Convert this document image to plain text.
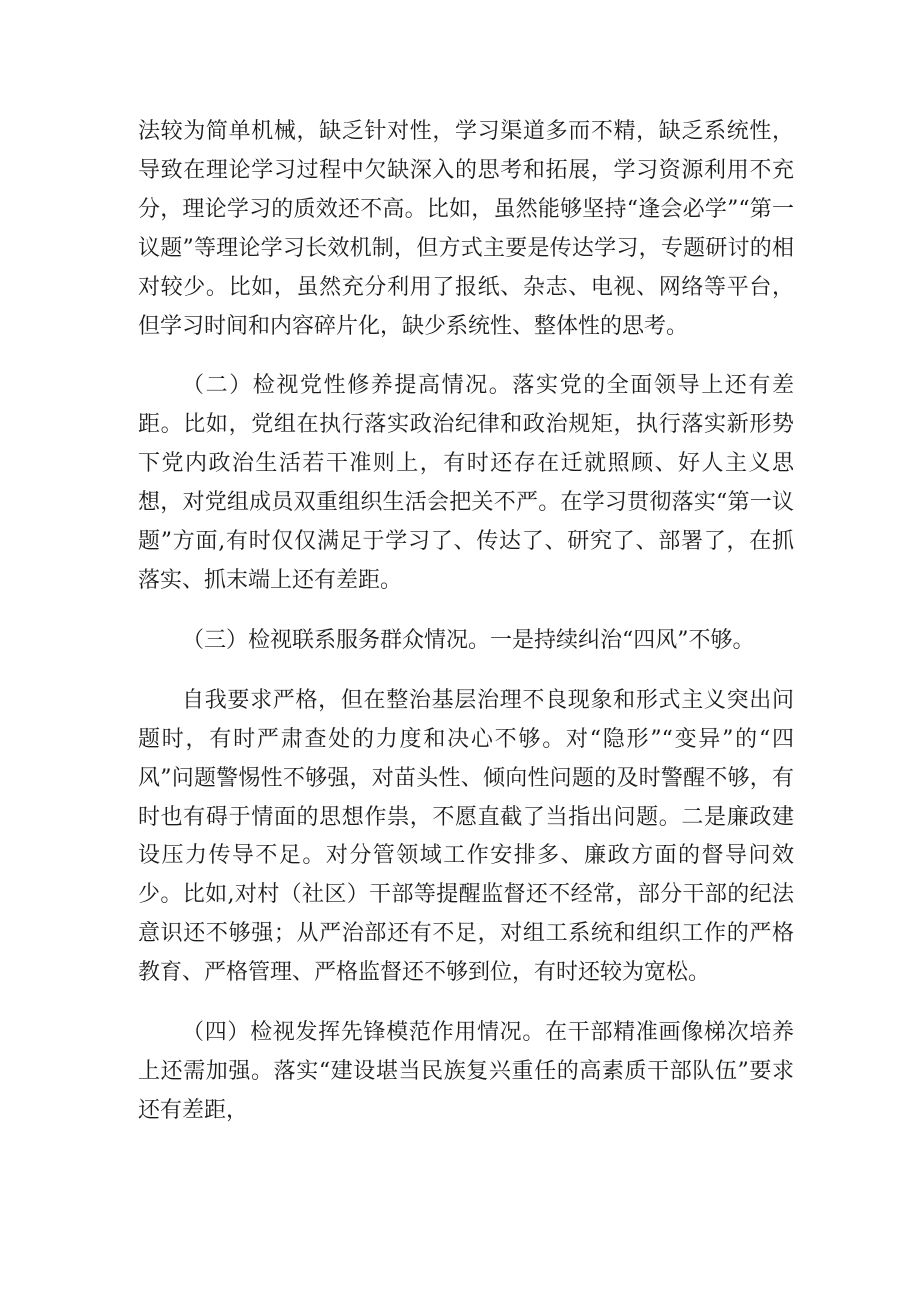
法较为简单机械，缺乏针对性，学习渠道多而不精，缺乏系统性，导致在理论学习过程中欠缺深入的思考和拓展，学习资源利用不充分，理论学习的质效还不高。比如，虽然能够坚持“逢会必学”“第一议题”等理论学习长效机制，但方式主要是传达学习，专题研讨的相对较少。比如，虽然充分利用了报纸、杂志、电视、网络等平台，但学习时间和内容碎片化，缺少系统性、整体性的思考。

（二）检视党性修养提高情况。落实党的全面领导上还有差距。比如，党组在执行落实政治纪律和政治规矩，执行落实新形势下党内政治生活若干准则上，有时还存在迁就照顾、好人主义思想，对党组成员双重组织生活会把关不严。在学习贯彻落实“第一议题”方面,有时仅仅满足于学习了、传达了、研究了、部署了，在抓落实、抓末端上还有差距。

（三）检视联系服务群众情况。一是持续纠治“四风”不够。

自我要求严格，但在整治基层治理不良现象和形式主义突出问题时，有时严肃查处的力度和决心不够。对“隐形”“变异”的“四风”问题警惕性不够强，对苗头性、倾向性问题的及时警醒不够，有时也有碍于情面的思想作祟，不愿直截了当指出问题。二是廉政建设压力传导不足。对分管领域工作安排多、廉政方面的督导问效少。比如,对村（社区）干部等提醒监督还不经常，部分干部的纪法意识还不够强；从严治部还有不足，对组工系统和组织工作的严格教育、严格管理、严格监督还不够到位，有时还较为宽松。

（四）检视发挥先锋模范作用情况。在干部精准画像梯次培养上还需加强。落实“建设堪当民族复兴重任的高素质干部队伍”要求还有差距，
